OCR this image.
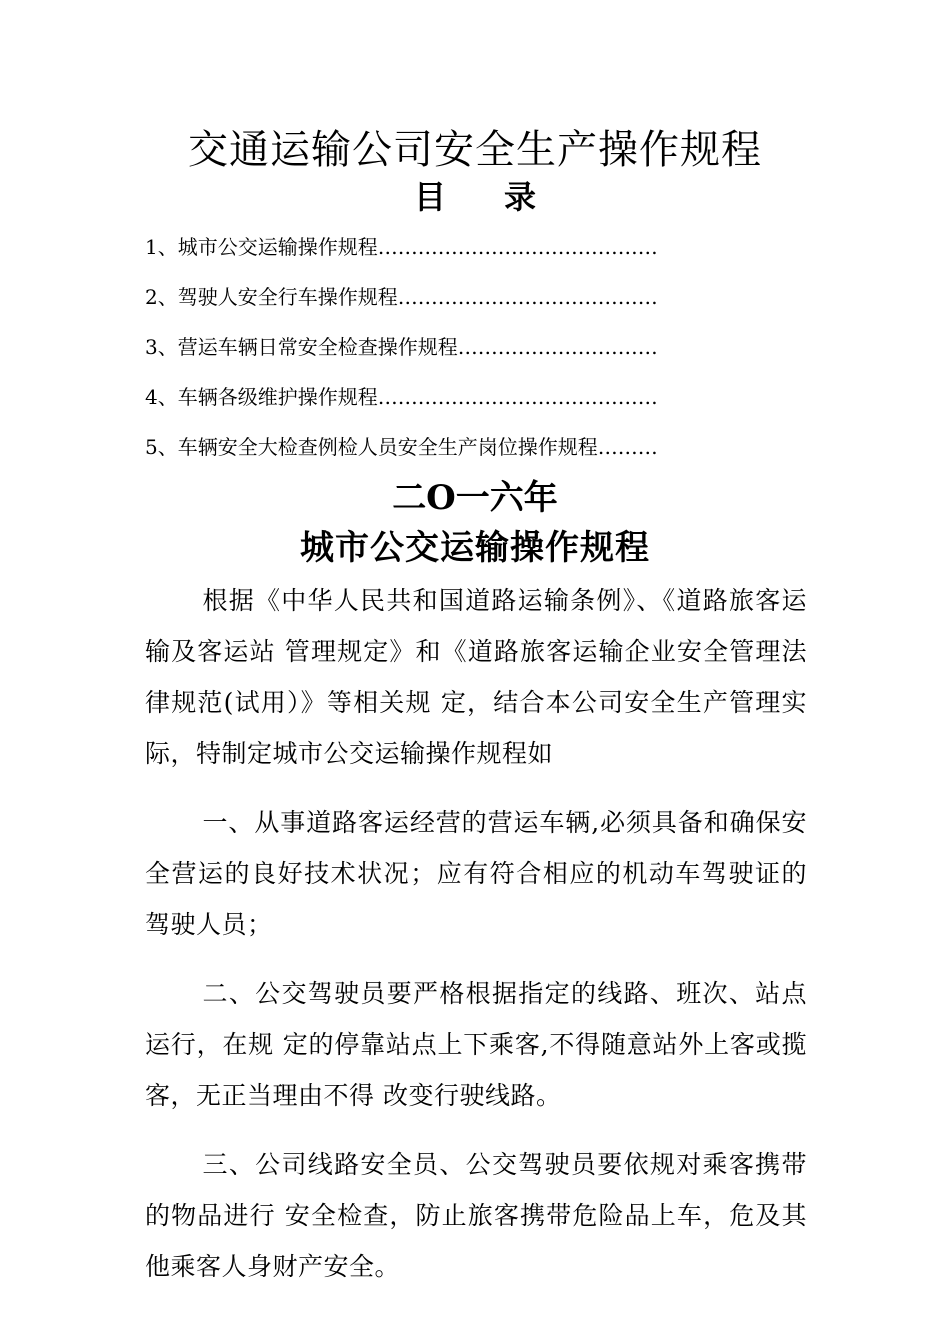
交通运输公司安全生产操作规程
目 录
1、城市公交运输操作规程……………………………………
2、驾驶人安全行车操作规程…………………………………
3、营运车辆日常安全检查操作规程…………………………
4、车辆各级维护操作规程……………………………………
5、车辆安全大检查例检人员安全生产岗位操作规程………
二O一六年
城市公交运输操作规程

根据《中华人民共和国道路运输条例》、《道路旅客运输及客运站 管理规定》和《道路旅客运输企业安全管理法律规范(试用）》等相关规 定，结合本公司安全生产管理实际，特制定城市公交运输操作规程如

一、从事道路客运经营的营运车辆,必须具备和确保安全营运的良好技术状况；应有符合相应的机动车驾驶证的驾驶人员；

二、公交驾驶员要严格根据指定的线路、班次、站点运行，在规 定的停靠站点上下乘客,不得随意站外上客或揽客，无正当理由不得 改变行驶线路。

三、公司线路安全员、公交驾驶员要依规对乘客携带的物品进行 安全检查，防止旅客携带危险品上车，危及其他乘客人身财产安全。
